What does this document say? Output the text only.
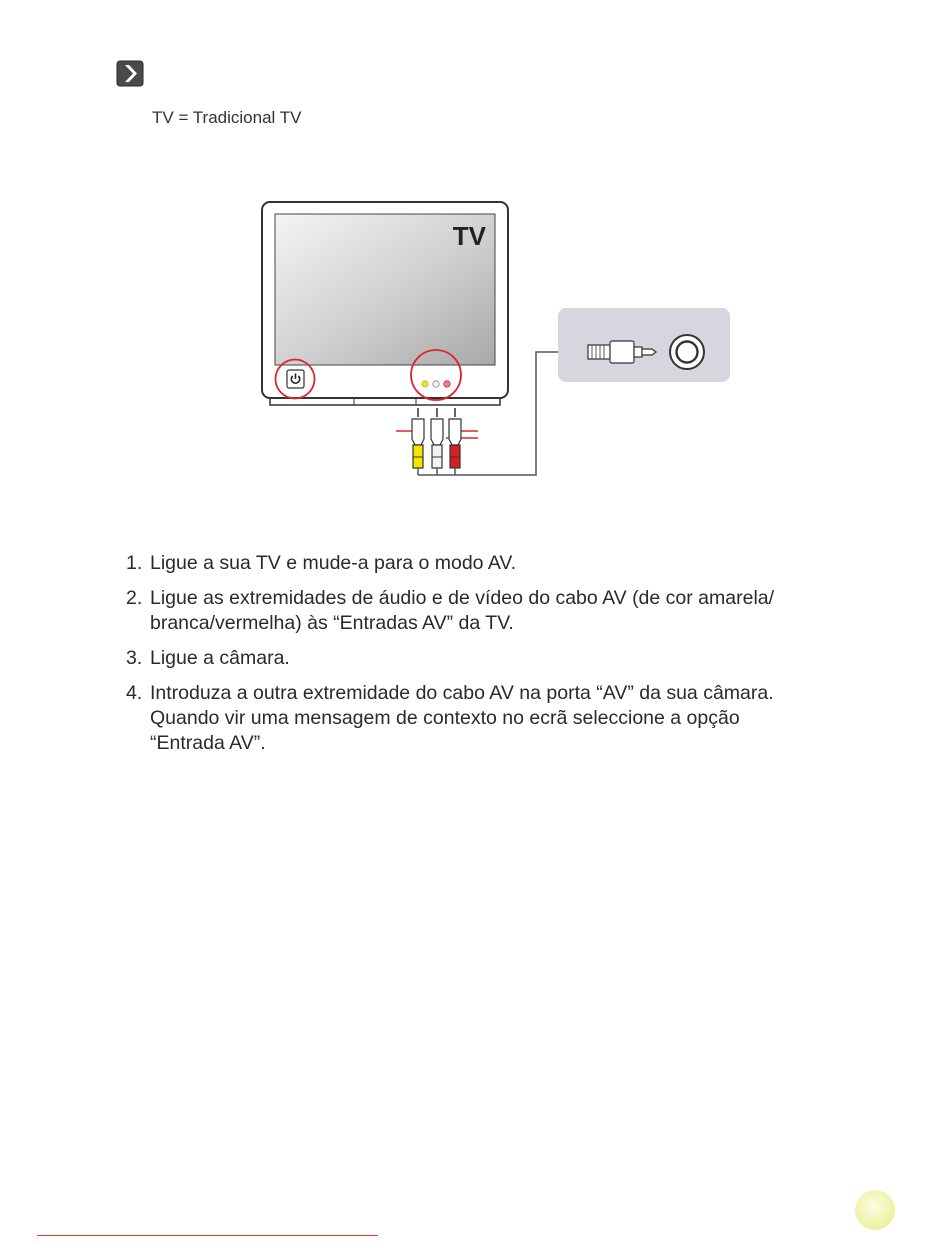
TV = Tradicional TV
TV
1. Ligue a sua TV e mude-a para o modo AV.
2. Ligue as extremidades de áudio e de vídeo do cabo AV (de cor amarela/
branca/vermelha) às “Entradas AV” da TV.
3. Ligue a câmara.
4. Introduza a outra extremidade do cabo AV na porta “AV” da sua câmara.
Quando vir uma mensagem de contexto no ecrã seleccione a opção
“Entrada AV”.
